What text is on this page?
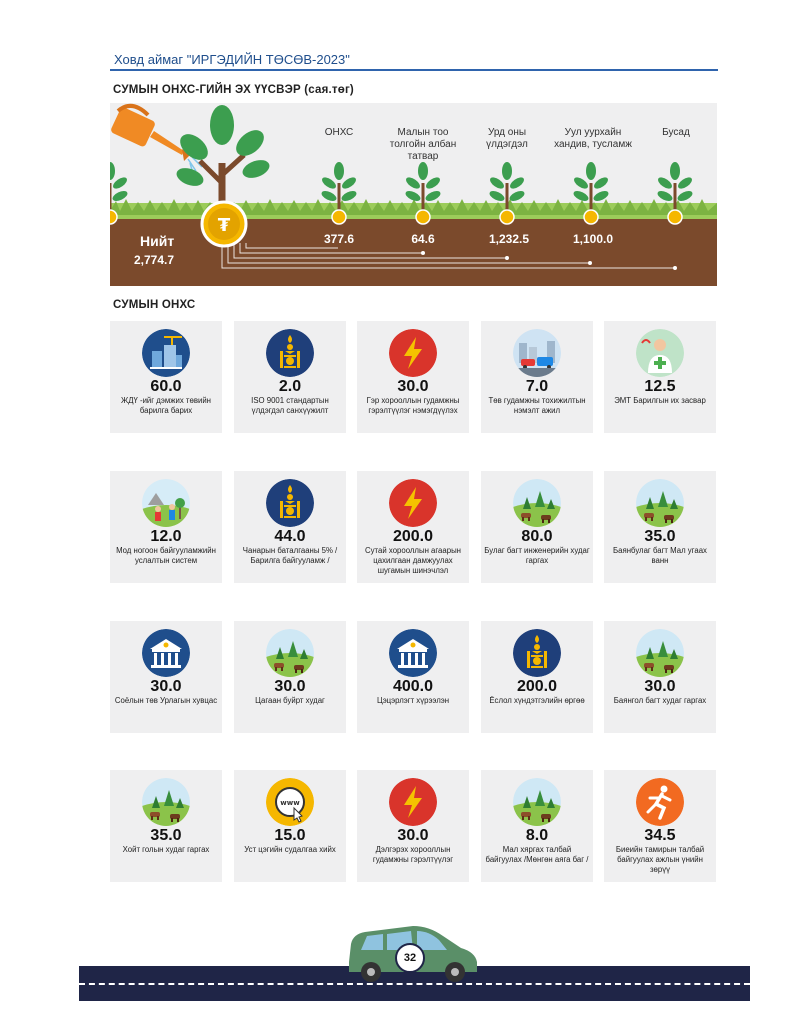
Ховд аймаг "ИРГЭДИЙН ТӨСӨВ-2023"
СУМЫН ОНХС-ГИЙН ЭХ ҮҮСВЭР (сая.төг)
₮
ОНХС	Малын тоо толгойн албан татвар
Урд оны үлдэгдэл
Уул уурхайн хандив, тусламж
Бусад
377.6	64.6	1,232.5	1,100.0
Нийт
2,774.7
СУМЫН ОНХС
60.0
ЖДҮ -ийг дэмжих төвийн барилга барих
2.0
ISO 9001 стандартын үлдэгдэл санхүүжилт
30.0
Гэр хорооллын гудамжны гэрэлтүүлэг нэмэгдүүлэх
7.0
Төв гудамжны тохижилтын нэмэлт ажил
12.5
ЭМТ Барилгын их засвар
12.0
Мод ногоон байгууламжийн услалтын систем
44.0
Чанарын баталгааны 5% /Барилга байгууламж /
200.0
Сутай хорооллын агаарын цахилгаан дамжуулах шугамын шинэчлэл
80.0
Булаг багт инженерийн худаг гаргах
35.0
Баянбулаг багт Мал угаах ванн
30.0
Соёлын төв Урлагын хувцас
30.0
Цагаан буйрт худаг
400.0
Цэцэрлэгт хүрээлэн
200.0
Ёслол хүндэтгэлийн өргөө
30.0
Баянгол багт худаг гаргах
35.0
Хойт голын худаг гаргах
15.0
Уст цэгийн судалгаа хийх
30.0
Дэлгэрэх хорооллын гудамжны гэрэлтүүлэг
8.0
Мал хяргах талбай байгуулах /Мөнгөн аяга баг /
34.5
Биеийн тамирын талбай байгуулах ажлын үнийн зөрүү
32
